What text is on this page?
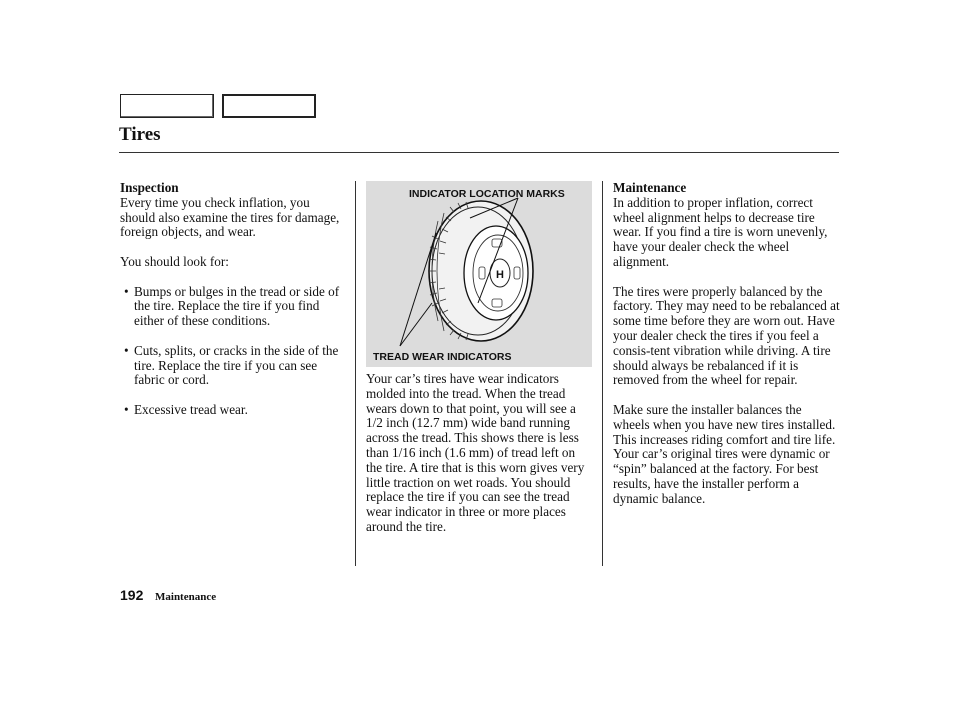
Tires

Inspection

Every time you check inflation, you should also examine the tires for damage, foreign objects, and wear.

You should look for:

• Bumps or bulges in the tread or side of the tire. Replace the tire if you find either of these conditions.

• Cuts, splits, or cracks in the side of the tire. Replace the tire if you can see fabric or cord.

• Excessive tread wear.

H
INDICATOR LOCATION MARKS
TREAD WEAR INDICATORS

Your car’s tires have wear indicators molded into the tread. When the tread wears down to that point, you will see a 1/2 inch (12.7 mm) wide band running across the tread. This shows there is less than 1/16 inch (1.6 mm) of tread left on the tire. A tire that is this worn gives very little traction on wet roads. You should replace the tire if you can see the tread wear indicator in three or more places around the tire.

Maintenance

In addition to proper inflation, correct wheel alignment helps to decrease tire wear. If you find a tire is worn unevenly, have your dealer check the wheel alignment.

The tires were properly balanced by the factory. They may need to be rebalanced at some time before they are worn out. Have your dealer check the tires if you feel a consis-tent vibration while driving. A tire should always be rebalanced if it is removed from the wheel for repair.

Make sure the installer balances the wheels when you have new tires installed. This increases riding comfort and tire life. Your car’s original tires were dynamic or “spin” balanced at the factory. For best results, have the installer perform a dynamic balance.

192 Maintenance
